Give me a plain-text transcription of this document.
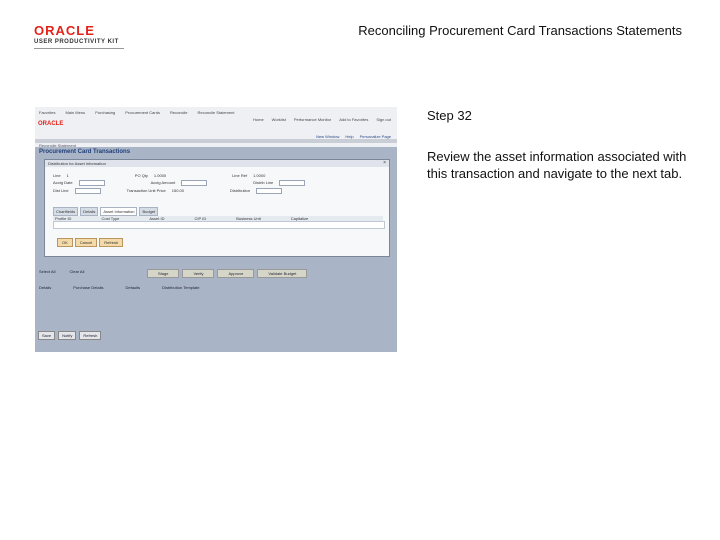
ORACLE
USER PRODUCTIVITY KIT
Reconciling Procurement Card Transactions Statements
Favorites	Main Menu	Purchasing	Procurement Cards	Reconcile	Reconcile Statement
ORACLE
Home Worklist Performance Monitor Add to Favorites Sign out
New Window Help Personalize Page
Reconcile Statement
Procurement Card Transactions
Distribution for Asset Information	×
Line 1	PO Qty 1.0000	Line Ref 1.0000
Acctg Date	Acctg Amount	Distrib Line
Dist Line	Transaction Unit Price 150.00	Distribution
Chartfields	Details	Asset Information	Budget
Profile ID	Cost Type	Asset ID	CIP ID	Business Unit	Capitalize
OK	Cancel	Refresh
Select All	Clear All	Stage	Verify	Approve	Validate Budget
Details	Purchase Details	Defaults	Distribution Template
Save	Notify	Refresh
Step 32
Review the asset information associated with this transaction and navigate to the next tab.
